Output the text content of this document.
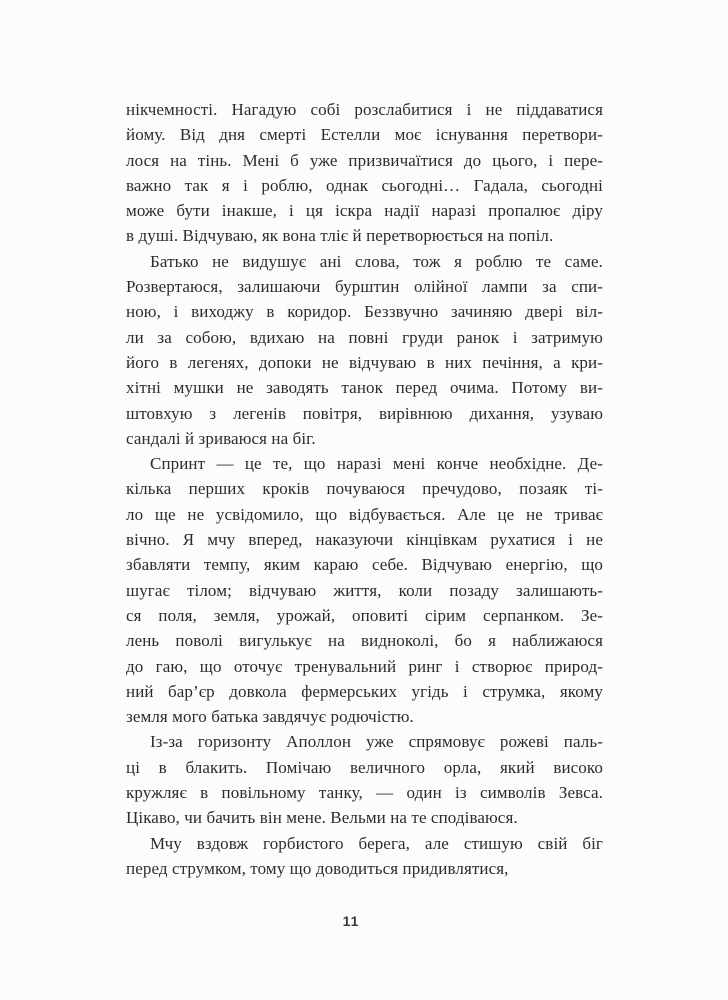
нікчемності. Нагадую собі розслабитися і не піддаватися
йому. Від дня смерті Естелли моє існування перетвори-
лося на тінь. Мені б уже призвичаїтися до цього, і пере-
важно так я і роблю, однак сьогодні… Гадала, сьогодні
може бути інакше, і ця іскра надії наразі пропалює діру
в душі. Відчуваю, як вона тліє й перетворюється на попіл.
Батько не видушує ані слова, тож я роблю те саме.
Розвертаюся, залишаючи бурштин олійної лампи за спи-
ною, і виходжу в коридор. Беззвучно зачиняю двері віл-
ли за собою, вдихаю на повні груди ранок і затримую
його в легенях, допоки не відчуваю в них печіння, а кри-
хітні мушки не заводять танок перед очима. Потому ви-
штовхую з легенів повітря, вирівнюю дихання, узуваю
сандалі й зриваюся на біг.
Спринт — це те, що наразі мені конче необхідне. Де-
кілька перших кроків почуваюся пречудово, позаяк ті-
ло ще не усвідомило, що відбувається. Але це не триває
вічно. Я мчу вперед, наказуючи кінцівкам рухатися і не
збавляти темпу, яким караю себе. Відчуваю енергію, що
шугає тілом; відчуваю життя, коли позаду залишають-
ся поля, земля, урожай, оповиті сірим серпанком. Зе-
лень поволі вигулькує на видноколі, бо я наближаюся
до гаю, що оточує тренувальний ринг і створює природ-
ний бар’єр довкола фермерських угідь і струмка, якому
земля мого батька завдячує родючістю.
Із-за горизонту Аполлон уже спрямовує рожеві паль-
ці в блакить. Помічаю величного орла, який високо
кружляє в повільному танку, — один із символів Зевса.
Цікаво, чи бачить він мене. Вельми на те сподіваюся.
Мчу вздовж горбистого берега, але стишую свій біг
перед струмком, тому що доводиться придивлятися,
11
